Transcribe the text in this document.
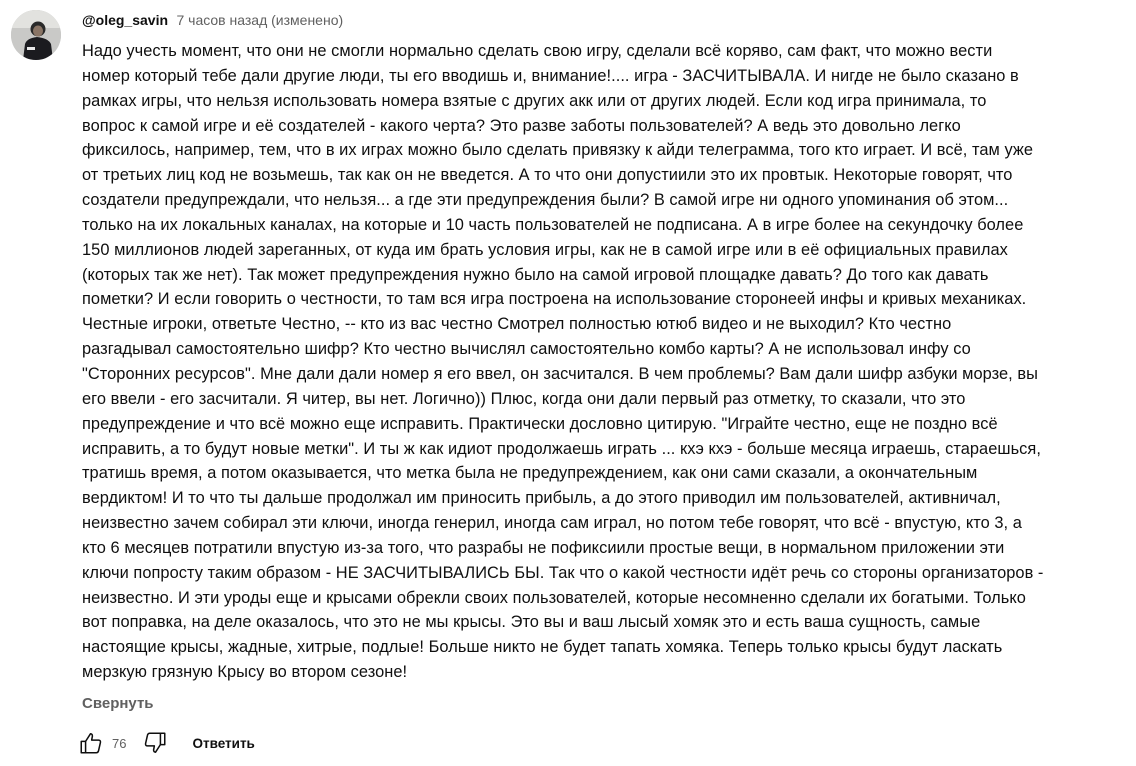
@oleg_savin 7 часов назад (изменено)
Надо учесть момент, что они не смогли нормально сделать свою игру, сделали всё коряво, сам факт, что можно вести
номер который тебе дали другие люди, ты его вводишь и, внимание!.... игра - ЗАСЧИТЫВАЛА. И нигде не было сказано в
рамках игры, что нельзя использовать номера взятые с других акк или от других людей. Если код игра принимала, то
вопрос к самой игре и её создателей - какого черта? Это разве заботы пользователей? А ведь это довольно легко
фиксилось, например, тем, что в их играх можно было сделать привязку к айди телеграмма, того кто играет. И всё, там уже
от третьих лиц код не возьмешь, так как он не введется. А то что они допустиили это их провтык. Некоторые говорят, что
создатели предупреждали, что нельзя... а где эти предупреждения были? В самой игре ни одного упоминания об этом...
только на их локальных каналах, на которые и 10 часть пользователей не подписана. А в игре более на секундочку более
150 миллионов людей зареганных, от куда им брать условия игры, как не в самой игре или в её официальных правилах
(которых так же нет). Так может предупреждения нужно было на самой игровой площадке давать? До того как давать
пометки? И если говорить о честности, то там вся игра построена на использование сторонеей инфы и кривых механиках.
Честные игроки, ответьте Честно, -- кто из вас честно Смотрел полностью ютюб видео и не выходил? Кто честно
разгадывал самостоятельно шифр? Кто честно вычислял самостоятельно комбо карты? А не использовал инфу со
"Сторонних ресурсов". Мне дали дали номер я его ввел, он засчитался. В чем проблемы? Вам дали шифр азбуки морзе, вы
его ввели - его засчитали. Я читер, вы нет. Логично)) Плюс, когда они дали первый раз отметку, то сказали, что это
предупреждение и что всё можно еще исправить. Практически дословно цитирую. "Играйте честно, еще не поздно всё
исправить, а то будут новые метки". И ты ж как идиот продолжаешь играть ... кхэ кхэ - больше месяца играешь, стараешься,
тратишь время, а потом оказывается, что метка была не предупреждением, как они сами сказали, а окончательным
вердиктом! И то что ты дальше продолжал им приносить прибыль, а до этого приводил им пользователей, активничал,
неизвестно зачем собирал эти ключи, иногда генерил, иногда сам играл, но потом тебе говорят, что всё - впустую, кто 3, а
кто 6 месяцев потратили впустую из-за того, что разрабы не пофиксиили простые вещи, в нормальном приложении эти
ключи попросту таким образом - НЕ ЗАСЧИТЫВАЛИСЬ БЫ. Так что о какой честности идёт речь со стороны организаторов -
неизвестно. И эти уроды еще и крысами обрекли своих пользователей, которые несомненно сделали их богатыми. Только
вот поправка, на деле оказалось, что это не мы крысы. Это вы и ваш лысый хомяк это и есть ваша сущность, самые
настоящие крысы, жадные, хитрые, подлые! Больше никто не будет тапать хомяка. Теперь только крысы будут ласкать
мерзкую грязную Крысу во втором сезоне!
Свернуть
76	Ответить
